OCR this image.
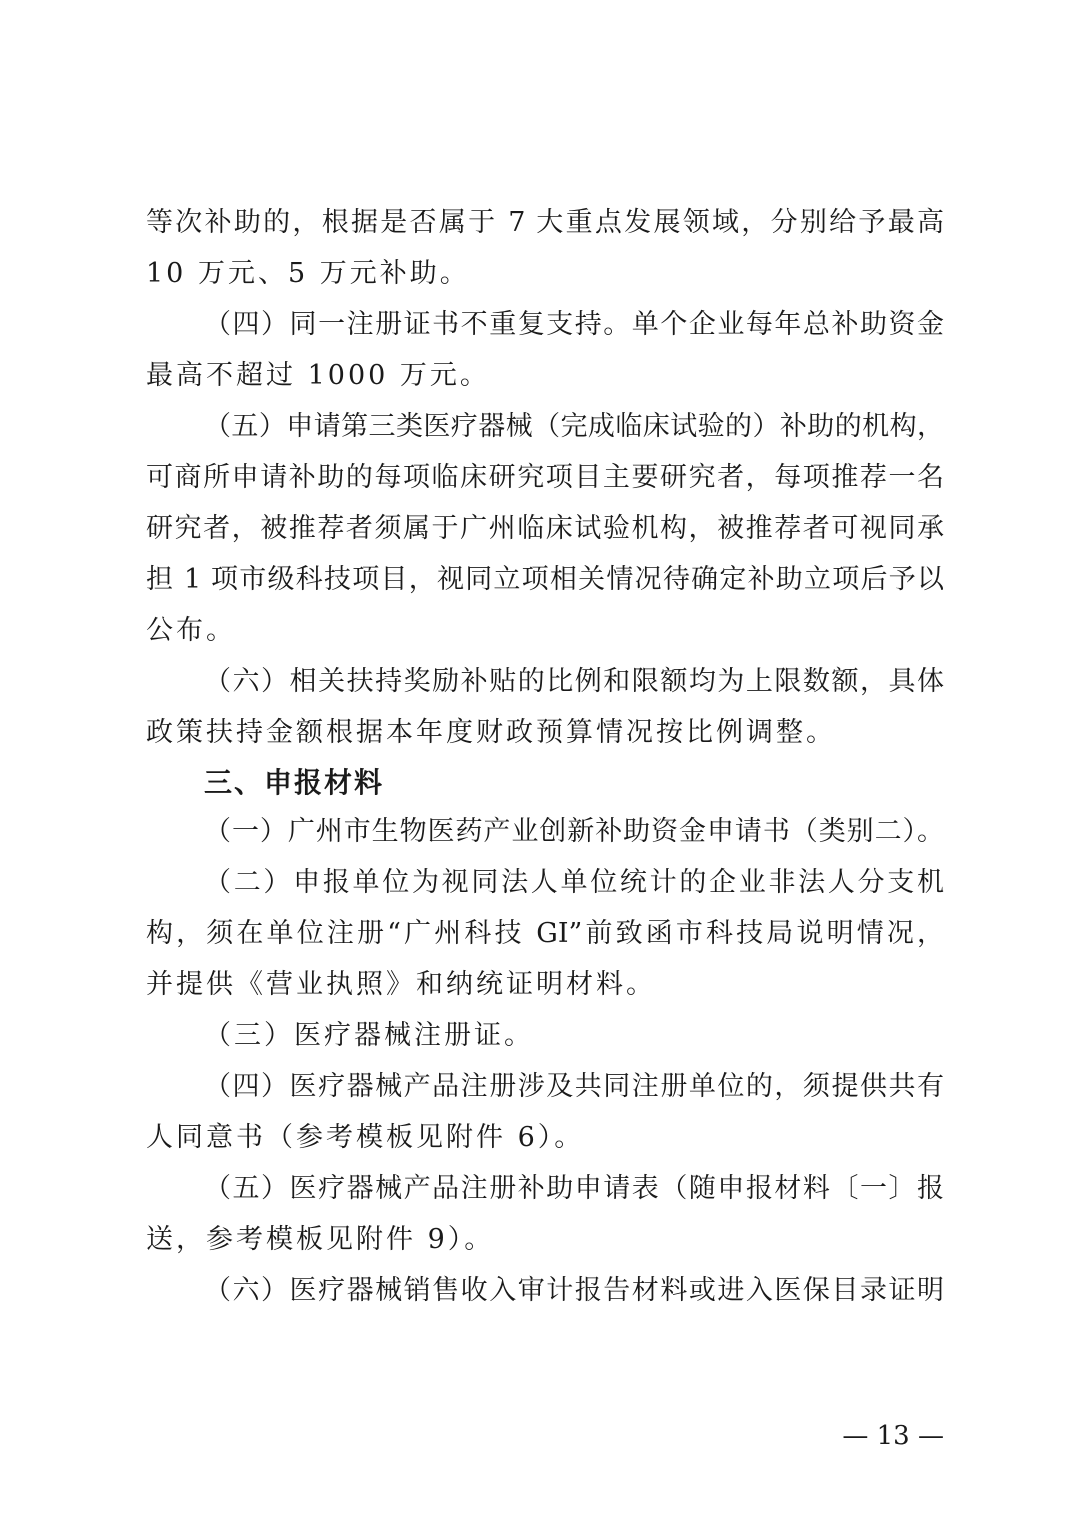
等次补助的，根据是否属于 7 大重点发展领域，分别给予最高
10 万元、5 万元补助。
（四）同一注册证书不重复支持。单个企业每年总补助资金
最高不超过 1000 万元。
（五）申请第三类医疗器械（完成临床试验的）补助的机构，
可商所申请补助的每项临床研究项目主要研究者，每项推荐一名
研究者，被推荐者须属于广州临床试验机构，被推荐者可视同承
担 1 项市级科技项目，视同立项相关情况待确定补助立项后予以
公布。
（六）相关扶持奖励补贴的比例和限额均为上限数额，具体
政策扶持金额根据本年度财政预算情况按比例调整。
三、申报材料
（一）广州市生物医药产业创新补助资金申请书（类别二）。
（二）申报单位为视同法人单位统计的企业非法人分支机
构，须在单位注册“广州科技 GI”前致函市科技局说明情况，
并提供《营业执照》和纳统证明材料。
（三）医疗器械注册证。
（四）医疗器械产品注册涉及共同注册单位的，须提供共有
人同意书（参考模板见附件 6）。
（五）医疗器械产品注册补助申请表（随申报材料〔一〕报
送，参考模板见附件 9）。
（六）医疗器械销售收入审计报告材料或进入医保目录证明
— 13 —
